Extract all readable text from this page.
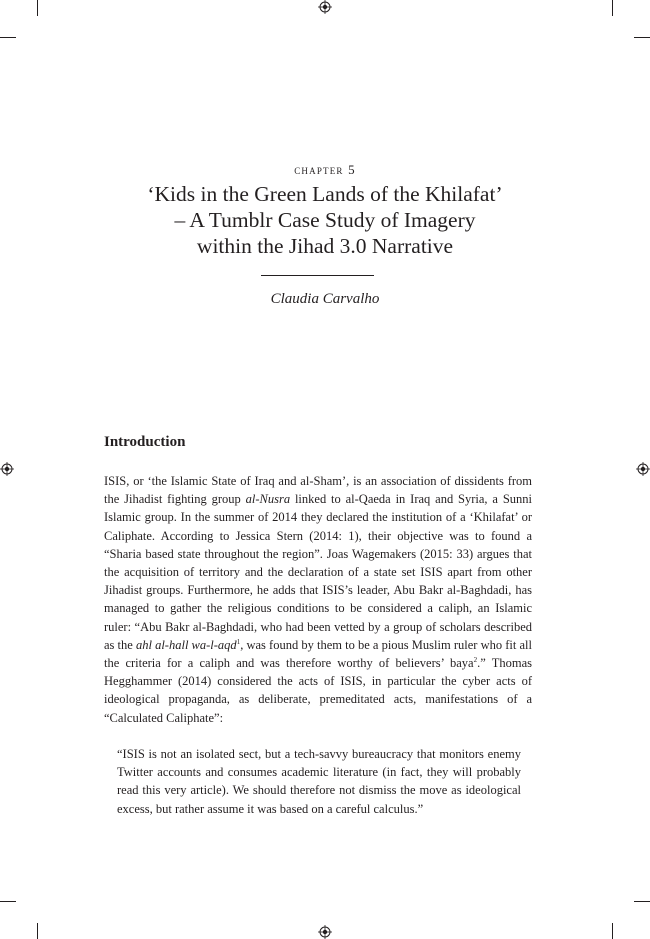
chapter 5
‘Kids in the Green Lands of the Khilafat’
– A Tumblr Case Study of Imagery
within the Jihad 3.0 Narrative
Claudia Carvalho
Introduction

ISIS, or ‘the Islamic State of Iraq and al-Sham’, is an association of dissidents from the Jihadist fighting group al-Nusra linked to al-Qaeda in Iraq and Syria, a Sunni Islamic group. In the summer of 2014 they declared the institution of a ‘Khilafat’ or Caliphate. According to Jessica Stern (2014: 1), their objective was to found a “Sharia based state throughout the region”. Joas Wagemakers (2015: 33) argues that the acquisition of territory and the declaration of a state set ISIS apart from other Jihadist groups. Furthermore, he adds that ISIS’s leader, Abu Bakr al-Baghdadi, has managed to gather the religious conditions to be considered a caliph, an Islamic ruler: “Abu Bakr al-Baghdadi, who had been vetted by a group of scholars described as the ahl al-hall wa-l-aqd$^1$, was found by them to be a pious Muslim ruler who fit all the criteria for a caliph and was therefore worthy of believers’ baya$^2$.” Thomas Hegghammer (2014) considered the acts of ISIS, in particular the cyber acts of ideological propaganda, as deliberate, premeditated acts, manifestations of a “Calculated Caliphate”:

“ISIS is not an isolated sect, but a tech-savvy bureaucracy that monitors enemy Twitter accounts and consumes academic literature (in fact, they will probably read this very article). We should therefore not dismiss the move as ideological excess, but rather assume it was based on a careful calculus.”
